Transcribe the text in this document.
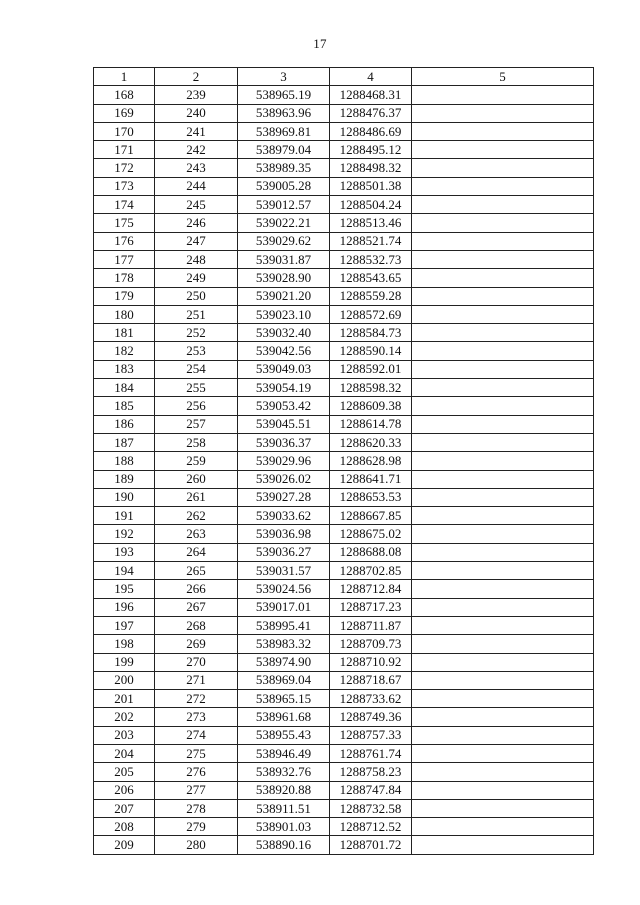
17
1	2	3	4	5
168	239	538965.19	1288468.31	
169	240	538963.96	1288476.37	
170	241	538969.81	1288486.69	
171	242	538979.04	1288495.12	
172	243	538989.35	1288498.32	
173	244	539005.28	1288501.38	
174	245	539012.57	1288504.24	
175	246	539022.21	1288513.46	
176	247	539029.62	1288521.74	
177	248	539031.87	1288532.73	
178	249	539028.90	1288543.65	
179	250	539021.20	1288559.28	
180	251	539023.10	1288572.69	
181	252	539032.40	1288584.73	
182	253	539042.56	1288590.14	
183	254	539049.03	1288592.01	
184	255	539054.19	1288598.32	
185	256	539053.42	1288609.38	
186	257	539045.51	1288614.78	
187	258	539036.37	1288620.33	
188	259	539029.96	1288628.98	
189	260	539026.02	1288641.71	
190	261	539027.28	1288653.53	
191	262	539033.62	1288667.85	
192	263	539036.98	1288675.02	
193	264	539036.27	1288688.08	
194	265	539031.57	1288702.85	
195	266	539024.56	1288712.84	
196	267	539017.01	1288717.23	
197	268	538995.41	1288711.87	
198	269	538983.32	1288709.73	
199	270	538974.90	1288710.92	
200	271	538969.04	1288718.67	
201	272	538965.15	1288733.62	
202	273	538961.68	1288749.36	
203	274	538955.43	1288757.33	
204	275	538946.49	1288761.74	
205	276	538932.76	1288758.23	
206	277	538920.88	1288747.84	
207	278	538911.51	1288732.58	
208	279	538901.03	1288712.52	
209	280	538890.16	1288701.72	
